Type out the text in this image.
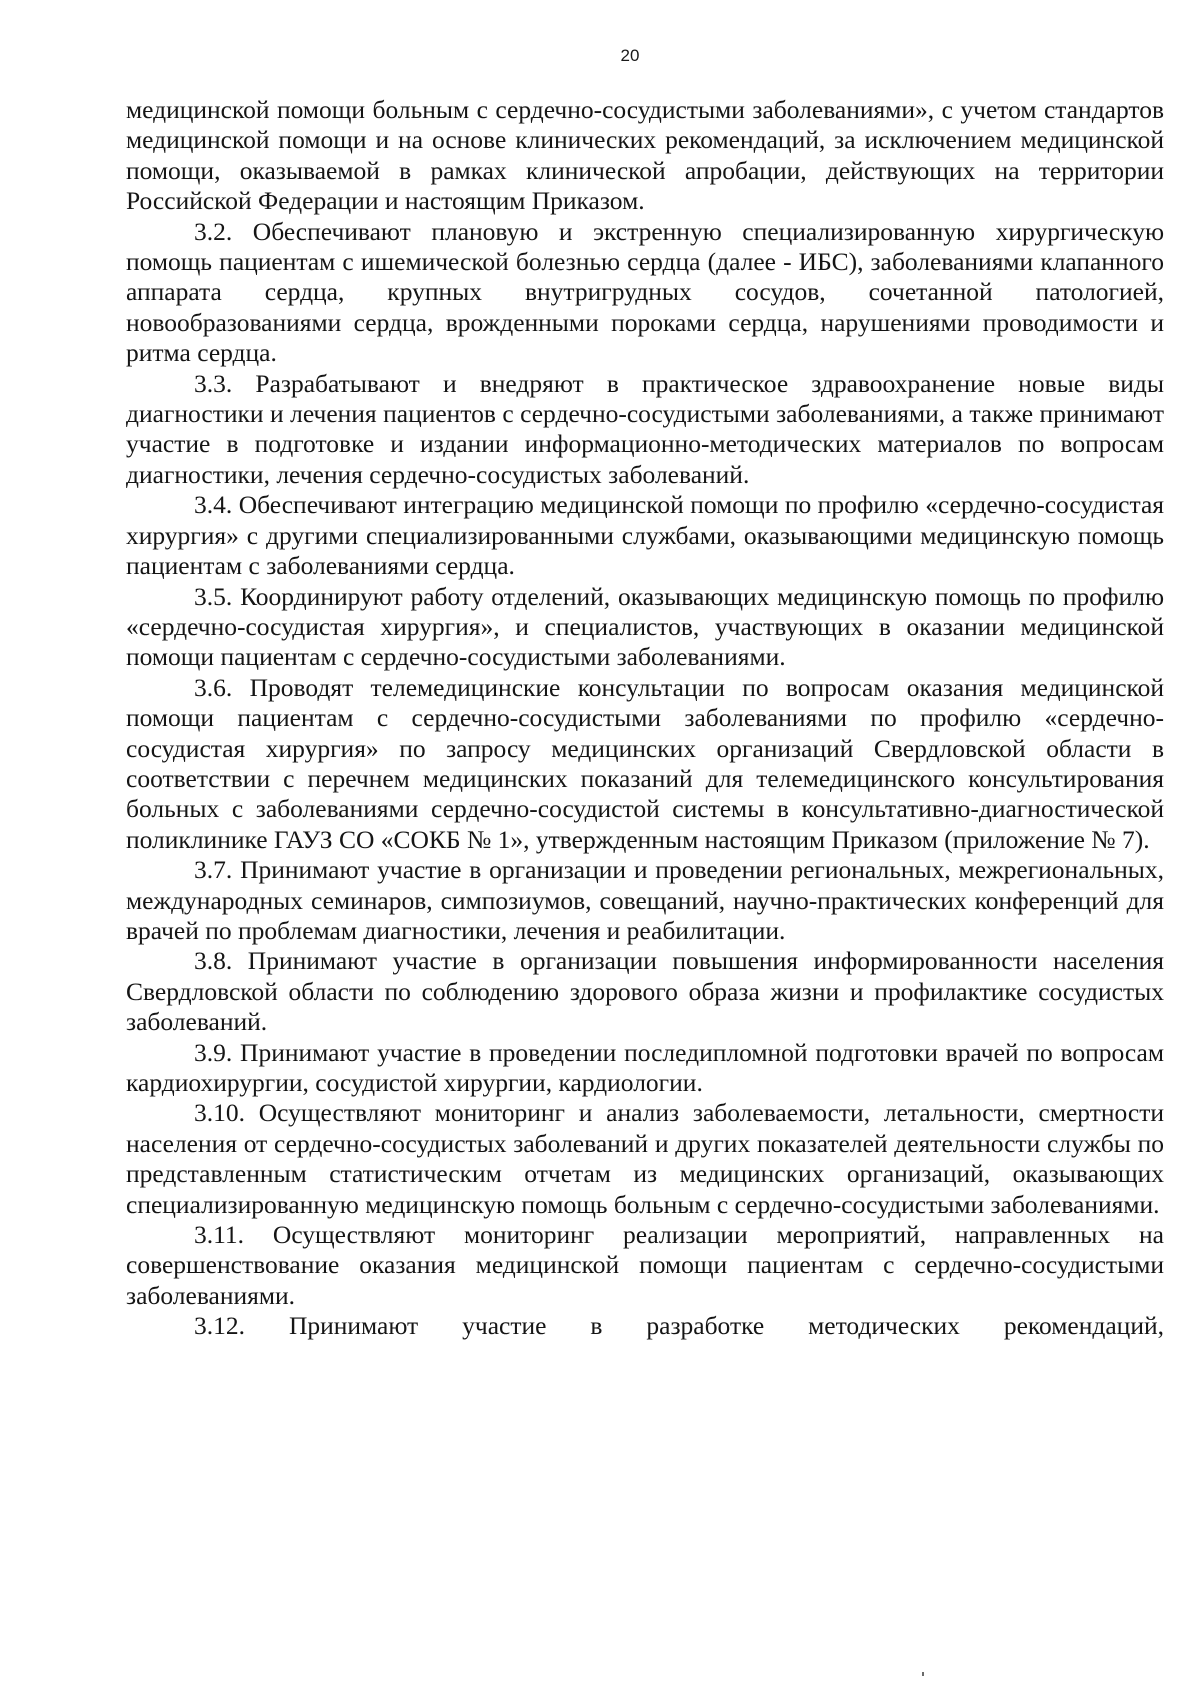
20

медицинской помощи больным с сердечно-сосудистыми заболеваниями», с учетом стандартов медицинской помощи и на основе клинических рекомендаций, за исключением медицинской помощи, оказываемой в рамках клинической апробации, действующих на территории Российской Федерации и настоящим Приказом.

3.2. Обеспечивают плановую и экстренную специализированную хирургическую помощь пациентам с ишемической болезнью сердца (далее - ИБС), заболеваниями клапанного аппарата сердца, крупных внутригрудных сосудов, сочетанной патологией, новообразованиями сердца, врожденными пороками сердца, нарушениями проводимости и ритма сердца.

3.3. Разрабатывают и внедряют в практическое здравоохранение новые виды диагностики и лечения пациентов с сердечно-сосудистыми заболеваниями, а также принимают участие в подготовке и издании информационно-методических материалов по вопросам диагностики, лечения сердечно-сосудистых заболеваний.

3.4. Обеспечивают интеграцию медицинской помощи по профилю «сердечно-сосудистая хирургия» с другими специализированными службами, оказывающими медицинскую помощь пациентам с заболеваниями сердца.

3.5. Координируют работу отделений, оказывающих медицинскую помощь по профилю «сердечно-сосудистая хирургия», и специалистов, участвующих в оказании медицинской помощи пациентам с сердечно-сосудистыми заболеваниями.

3.6. Проводят телемедицинские консультации по вопросам оказания медицинской помощи пациентам с сердечно-сосудистыми заболеваниями по профилю «сердечно-сосудистая хирургия» по запросу медицинских организаций Свердловской области в соответствии с перечнем медицинских показаний для телемедицинского консультирования больных с заболеваниями сердечно-сосудистой системы в консультативно-диагностической поликлинике ГАУЗ СО «СОКБ № 1», утвержденным настоящим Приказом (приложение № 7).

3.7. Принимают участие в организации и проведении региональных, межрегиональных, международных семинаров, симпозиумов, совещаний, научно-практических конференций для врачей по проблемам диагностики, лечения и реабилитации.

3.8. Принимают участие в организации повышения информированности населения Свердловской области по соблюдению здорового образа жизни и профилактике сосудистых заболеваний.

3.9. Принимают участие в проведении последипломной подготовки врачей по вопросам кардиохирургии, сосудистой хирургии, кардиологии.

3.10. Осуществляют мониторинг и анализ заболеваемости, летальности, смертности населения от сердечно-сосудистых заболеваний и других показателей деятельности службы по представленным статистическим отчетам из медицинских организаций, оказывающих специализированную медицинскую помощь больным с сердечно-сосудистыми заболеваниями.

3.11. Осуществляют мониторинг реализации мероприятий, направленных на совершенствование оказания медицинской помощи пациентам с сердечно-сосудистыми заболеваниями.

3.12. Принимают участие в разработке методических рекомендаций,
